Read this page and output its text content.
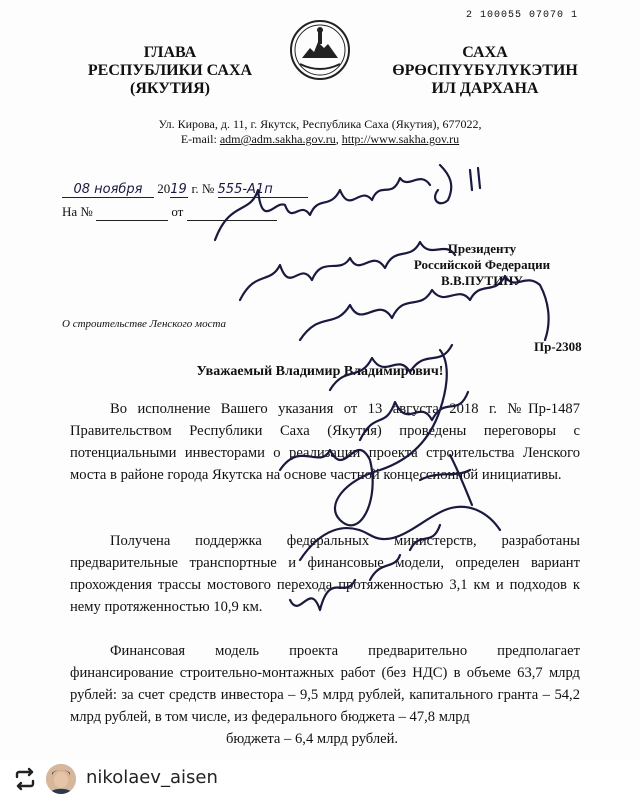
2 100055 07070 1
ГЛАВА
РЕСПУБЛИКИ САХА
(ЯКУТИЯ)
САХА
ӨРӨСПҮҮБҮЛҮКЭТИН
ИЛ ДАРХАНА
Ул. Кирова, д. 11, г. Якутск, Республика Саха (Якутия), 677022,
E-mail: adm@adm.sakha.gov.ru, http://www.sakha.gov.ru
08 ноября 2019 г. № 555-А1п
На №	от
Президенту
Российской Федерации
В.В.ПУТИНУ
О строительстве Ленского моста
Пр-2308
Уважаемый Владимир Владимирович!
Во исполнение Вашего указания от 13 августа 2018 г. №Пр-1487 Правительством Республики Саха (Якутия) проведены переговоры с потенциальными инвесторами о реализации проекта строительства Ленского моста в районе города Якутска на основе частной концессионной инициативы.
Получена поддержка федеральных министерств, разработаны предварительные транспортные и финансовые модели, определен вариант прохождения трассы мостового перехода протяженностью 3,1 км и подходов к нему протяженностью 10,9 км.
Финансовая модель проекта предварительно предполагает финансирование строительно-монтажных работ (без НДС) в объеме 63,7 млрд рублей: за счет средств инвестора – 9,5 млрд рублей, капитального гранта – 54,2 млрд рублей, в том числе, из федерального бюджета – 47,8 млрд
бюджета – 6,4 млрд рублей.
nikolaev_aisen
